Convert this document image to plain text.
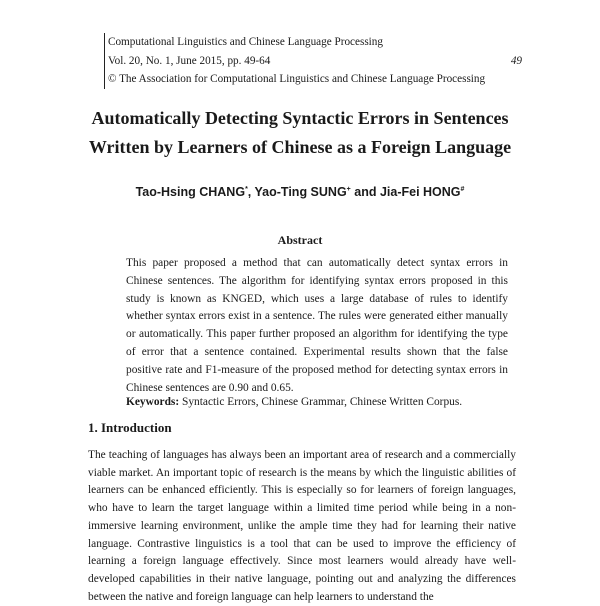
Computational Linguistics and Chinese Language Processing
Vol. 20, No. 1, June 2015, pp. 49-64	49
© The Association for Computational Linguistics and Chinese Language Processing
Automatically Detecting Syntactic Errors in Sentences
Written by Learners of Chinese as a Foreign Language
Tao-Hsing CHANG*, Yao-Ting SUNG+ and Jia-Fei HONG#
Abstract

This paper proposed a method that can automatically detect syntax errors in Chinese sentences. The algorithm for identifying syntax errors proposed in this study is known as KNGED, which uses a large database of rules to identify whether syntax errors exist in a sentence. The rules were generated either manually or automatically. This paper further proposed an algorithm for identifying the type of error that a sentence contained. Experimental results shown that the false positive rate and F1-measure of the proposed method for detecting syntax errors in Chinese sentences are 0.90 and 0.65.

Keywords: Syntactic Errors, Chinese Grammar, Chinese Written Corpus.
1. Introduction

The teaching of languages has always been an important area of research and a commercially viable market. An important topic of research is the means by which the linguistic abilities of learners can be enhanced efficiently. This is especially so for learners of foreign languages, who have to learn the target language within a limited time period while being in a non-immersive learning environment, unlike the ample time they had for learning their native language. Contrastive linguistics is a tool that can be used to improve the efficiency of learning a foreign language effectively. Since most learners would already have well-developed capabilities in their native language, pointing out and analyzing the differences between the native and foreign language can help learners to understand the
